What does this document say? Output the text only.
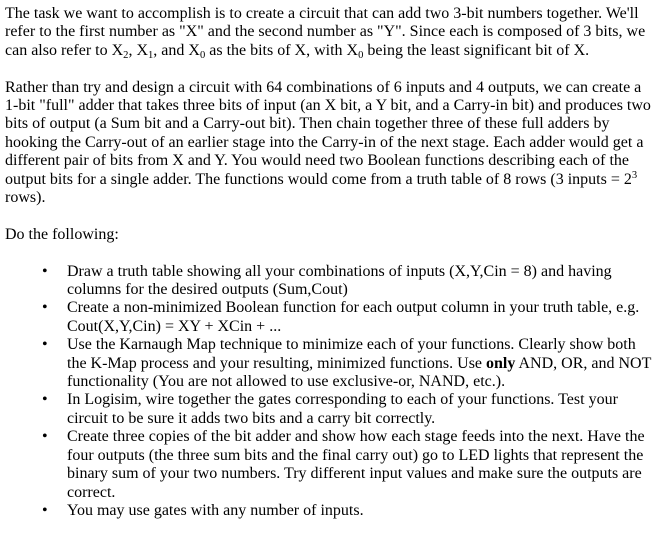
The task we want to accomplish is to create a circuit that can add two 3-bit numbers together. We'll refer to the first number as "X" and the second number as "Y". Since each is composed of 3 bits, we can also refer to $X_2$, $X_1$, and $X_0$ as the bits of X, with $X_0$ being the least significant bit of X.

Rather than try and design a circuit with 64 combinations of 6 inputs and 4 outputs, we can create a 1-bit "full" adder that takes three bits of input (an X bit, a Y bit, and a Carry-in bit) and produces two bits of output (a Sum bit and a Carry-out bit). Then chain together three of these full adders by hooking the Carry-out of an earlier stage into the Carry-in of the next stage. Each adder would get a different pair of bits from X and Y. You would need two Boolean functions describing each of the output bits for a single adder. The functions would come from a truth table of 8 rows (3 inputs = $2^3$ rows).

Do the following:

• Draw a truth table showing all your combinations of inputs (X,Y,Cin = 8) and having columns for the desired outputs (Sum,Cout)
• Create a non-minimized Boolean function for each output column in your truth table, e.g. Cout(X,Y,Cin) = XY + XCin + ...
• Use the Karnaugh Map technique to minimize each of your functions. Clearly show both the K-Map process and your resulting, minimized functions. Use only AND, OR, and NOT functionality (You are not allowed to use exclusive-or, NAND, etc.).
• In Logisim, wire together the gates corresponding to each of your functions. Test your circuit to be sure it adds two bits and a carry bit correctly.
• Create three copies of the bit adder and show how each stage feeds into the next. Have the four outputs (the three sum bits and the final carry out) go to LED lights that represent the binary sum of your two numbers. Try different input values and make sure the outputs are correct.
• You may use gates with any number of inputs.
